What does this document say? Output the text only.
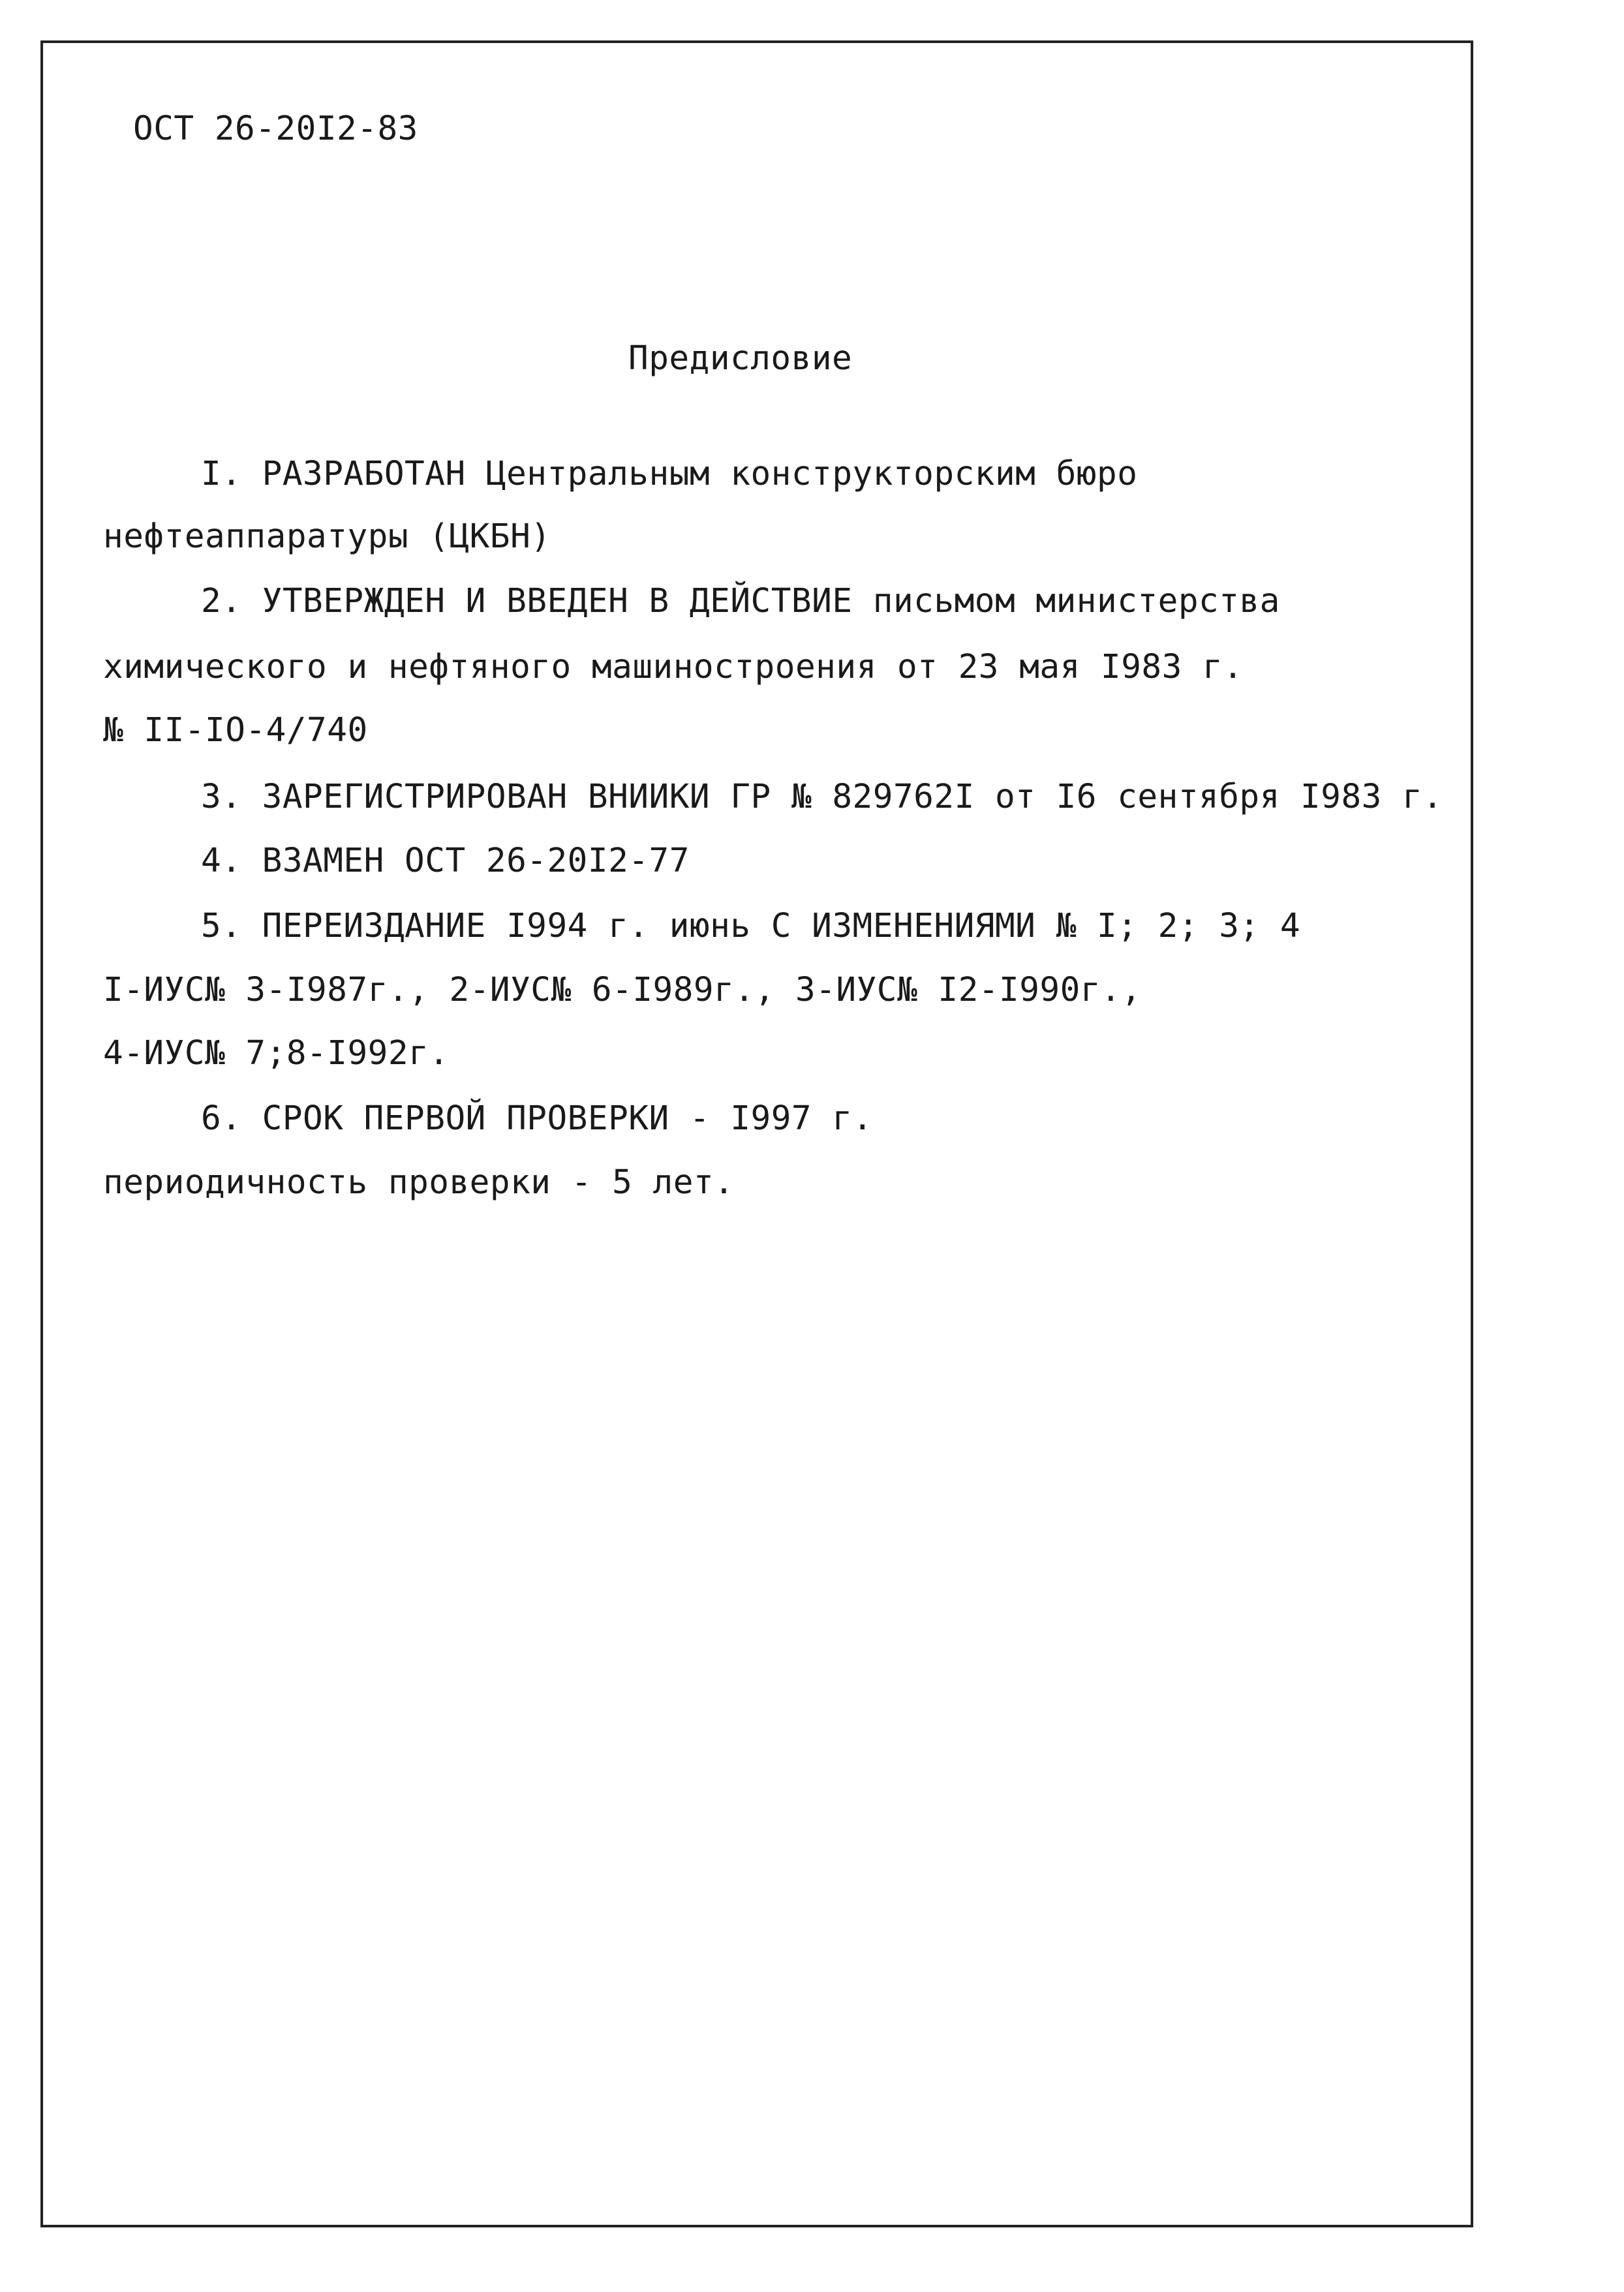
ОСТ 26-20I2-83
Предисловие
I. РАЗРАБОТАН Центральным конструкторским бюро
нефтеаппаратуры (ЦКБН)
2. УТВЕРЖДЕН И ВВЕДЕН В ДЕЙСТВИЕ письмом министерства
химического и нефтяного машиностроения от 23 мая I983 г.
№ II-IO-4/740
3. ЗАРЕГИСТРИРОВАН ВНИИКИ ГР № 829762I от I6 сентября I983 г.
4. ВЗАМЕН ОСТ 26-20I2-77
5. ПЕРЕИЗДАНИЕ I994 г. июнь С ИЗМЕНЕНИЯМИ № I; 2; 3; 4
I-ИУС№ 3-I987г., 2-ИУС№ 6-I989г., 3-ИУС№ I2-I990г.,
4-ИУС№ 7;8-I992г.
6. СРОК ПЕРВОЙ ПРОВЕРКИ - I997 г.
периодичность проверки - 5 лет.
